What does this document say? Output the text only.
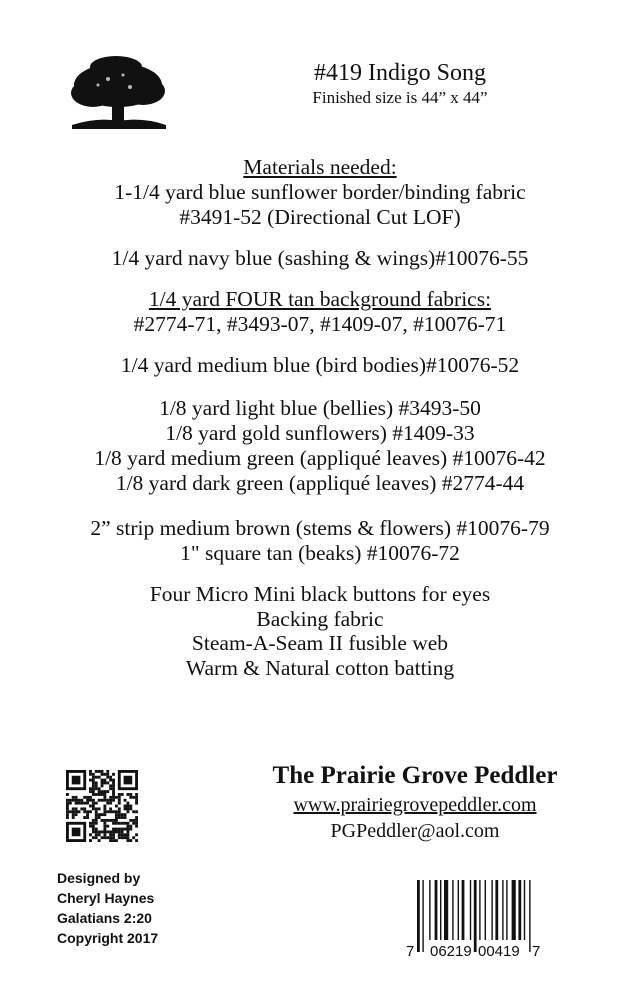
#419 Indigo Song
Finished size is 44” x 44”
Materials needed:
1-1/4 yard blue sunflower border/binding fabric
#3491-52 (Directional Cut LOF)
1/4 yard navy blue (sashing & wings)#10076-55
1/4 yard FOUR tan background fabrics:
#2774-71, #3493-07, #1409-07, #10076-71
1/4 yard medium blue (bird bodies)#10076-52
1/8 yard light blue (bellies) #3493-50
1/8 yard gold sunflowers) #1409-33
1/8 yard medium green (appliqué leaves) #10076-42
1/8 yard dark green (appliqué leaves) #2774-44
2” strip medium brown (stems & flowers) #10076-79
1" square tan (beaks) #10076-72
Four Micro Mini black buttons for eyes
Backing fabric
Steam-A-Seam II fusible web
Warm & Natural cotton batting
The Prairie Grove Peddler
www.prairiegrovepeddler.com
PGPeddler@aol.com
Designed by
Cheryl Haynes
Galatians 2:20
Copyright 2017
7 06219 00419 7
